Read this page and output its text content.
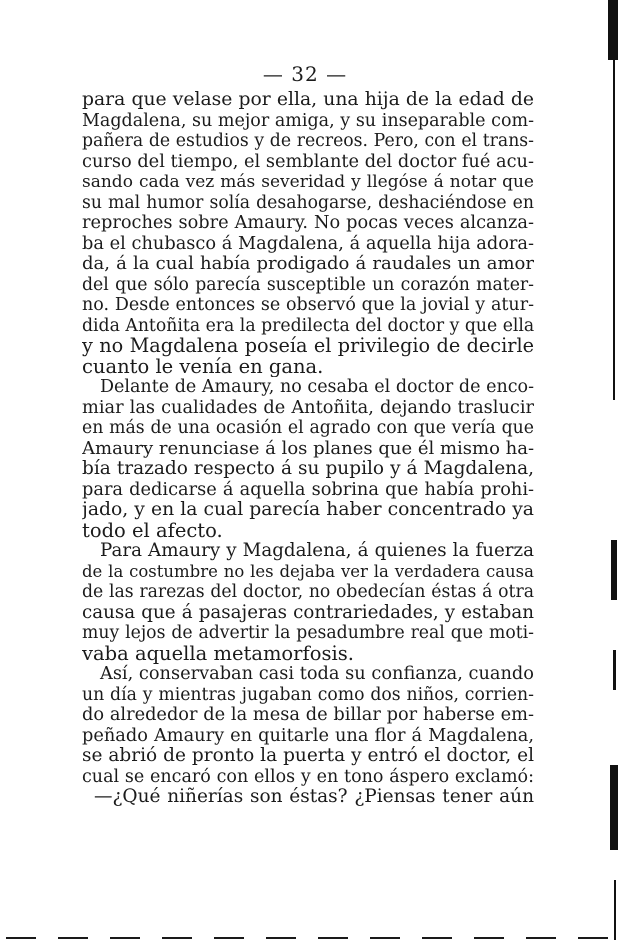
— 32 —
para que velase por ella, una hija de la edad de
Magdalena, su mejor amiga, y su inseparable com-
pañera de estudios y de recreos. Pero, con el trans-
curso del tiempo, el semblante del doctor fué acu-
sando cada vez más severidad y llegóse á notar que
su mal humor solía desahogarse, deshaciéndose en
reproches sobre Amaury. No pocas veces alcanza-
ba el chubasco á Magdalena, á aquella hija adora-
da, á la cual había prodigado á raudales un amor
del que sólo parecía susceptible un corazón mater-
no. Desde entonces se observó que la jovial y atur-
dida Antoñita era la predilecta del doctor y que ella
y no Magdalena poseía el privilegio de decirle
cuanto le venía en gana.
Delante de Amaury, no cesaba el doctor de enco-
miar las cualidades de Antoñita, dejando traslucir
en más de una ocasión el agrado con que vería que
Amaury renunciase á los planes que él mismo ha-
bía trazado respecto á su pupilo y á Magdalena,
para dedicarse á aquella sobrina que había prohi-
jado, y en la cual parecía haber concentrado ya
todo el afecto.
Para Amaury y Magdalena, á quienes la fuerza
de la costumbre no les dejaba ver la verdadera causa
de las rarezas del doctor, no obedecían éstas á otra
causa que á pasajeras contrariedades, y estaban
muy lejos de advertir la pesadumbre real que moti-
vaba aquella metamorfosis.
Así, conservaban casi toda su confianza, cuando
un día y mientras jugaban como dos niños, corrien-
do alrededor de la mesa de billar por haberse em-
peñado Amaury en quitarle una flor á Magdalena,
se abrió de pronto la puerta y entró el doctor, el
cual se encaró con ellos y en tono áspero exclamó:
—¿Qué niñerías son éstas? ¿Piensas tener aún
